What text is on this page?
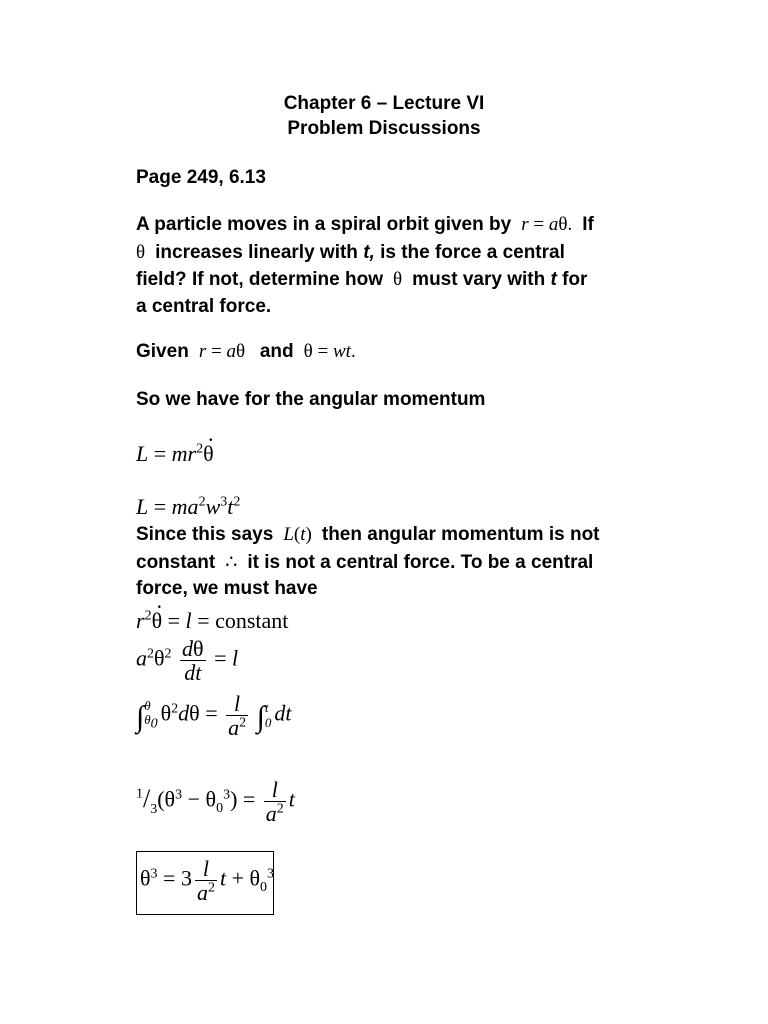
Chapter 6 – Lecture VI
Problem Discussions
Page 249, 6.13
A particle moves in a spiral orbit given by r = aθ.  If
θ  increases linearly with t, is the force a central
field? If not, determine how  θ  must vary with t for
a central force.
Given r = aθ   and  θ = wt.
So we have for the angular momentum
$L = mr^2\theta$ ·
$L = ma^2w^3t^2$
Since this says L(t)  then angular momentum is not
constant  ∴  it is not a central force. To be a central
force, we must have
$r^2\theta$ · = l = constant
$a^2\theta^2 \frac{d\theta}{dt} = l$
∫ θ
$\theta_0$ $\theta^2d\theta = \frac{l}{a^2}$ ∫ t
0 dt
$^1/_3(\theta^3 - \theta_0^3) = \frac{l}{a^2}$ t
$\theta^3 = 3 \frac{l}{a^2}$ $t + \theta_0^3$
